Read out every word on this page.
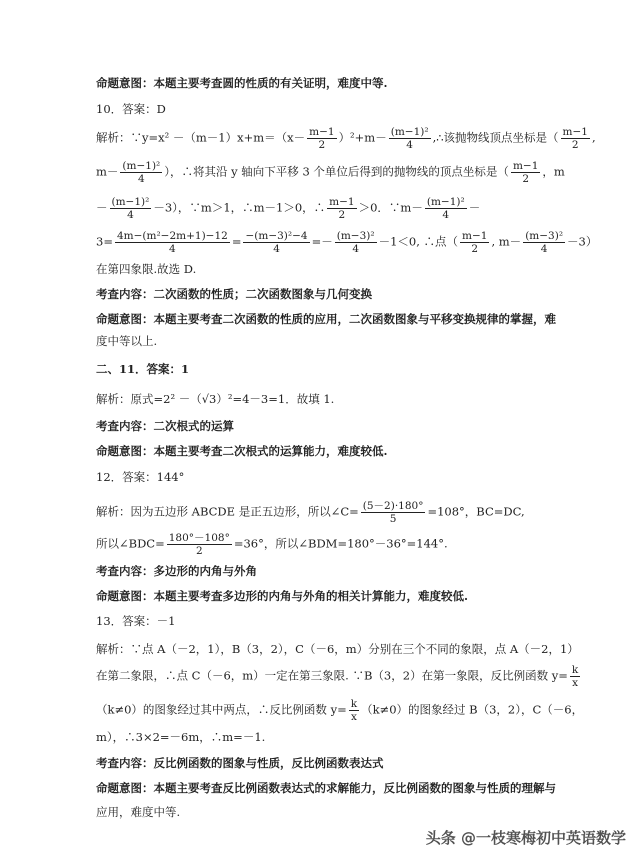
命题意图：本题主要考查圆的性质的有关证明，难度中等.
10．答案：D
解析：∵y=x² $-(m-1)x+m=(x- \frac{m-1}{2} )^2+m- \frac{\text{(m−1)²}}{4}$ ,∴该抛物线顶点坐标是（ $\frac{m-1}{2}$ ,
$m- \frac{\text{(m−1)²}}{4}$ ），∴将其沿 y 轴向下平移 3 个单位后得到的抛物线的顶点坐标是（ $\frac{m-1}{2}$ ，m
－ $\frac{\text{(m−1)²}}{4} -3$），∵m＞1，∴m－1＞0，∴ $\frac{m-1}{2} >0$．∵m－ $\frac{\text{(m−1)²}}{4}$ －
$3= \frac{\text{4m−(m²−2m+1)−12}}{4} = \frac{\text{−(m−3)²−4}}{4} =- \frac{\text{(m−3)²}}{4} -1<0$, ∴点（ $\frac{m-1}{2}$ , $m- \frac{\text{(m−3)²}}{4} -3$）
在第四象限.故选 D.
考查内容：二次函数的性质；二次函数图象与几何变换
命题意图：本题主要考查二次函数的性质的应用，二次函数图象与平移变换规律的掌握，难
度中等以上.
二、11．答案：1
解析：原式=2² －（√3）²=4－3=1．故填 1.
考查内容：二次根式的运算
命题意图：本题主要考查二次根式的运算能力，难度较低.
12．答案：144°
解析：因为五边形 ABCDE 是正五边形，所以∠C= $\frac{(5-2)\cdot 180^\circ}{5} =108^\circ$，BC=DC,
所以∠BDC= $\frac{180^\circ-108^\circ}{2} =36^\circ$，所以∠BDM=180°－36°=144°.
考查内容：多边形的内角与外角
命题意图：本题主要考查多边形的内角与外角的相关计算能力，难度较低.
13．答案：－1
解析：∵点 A（－2，1），B（3，2），C（－6，m）分别在三个不同的象限，点 A（－2，1）
在第二象限，∴点 C（－6，m）一定在第三象限. ∵B（3，2）在第一象限，反比例函数 $y= \frac{k}{x}$
（k≠0）的图象经过其中两点，∴反比例函数 $y= \frac{k}{x} (k\ne 0)$的图象经过 B（3，2），C（－6，
m），∴3×2=－6m，∴m=－1.
考查内容：反比例函数的图象与性质，反比例函数表达式
命题意图：本题主要考查反比例函数表达式的求解能力，反比例函数的图象与性质的理解与
应用，难度中等.
头条 @一枝寒梅初中英语数学
